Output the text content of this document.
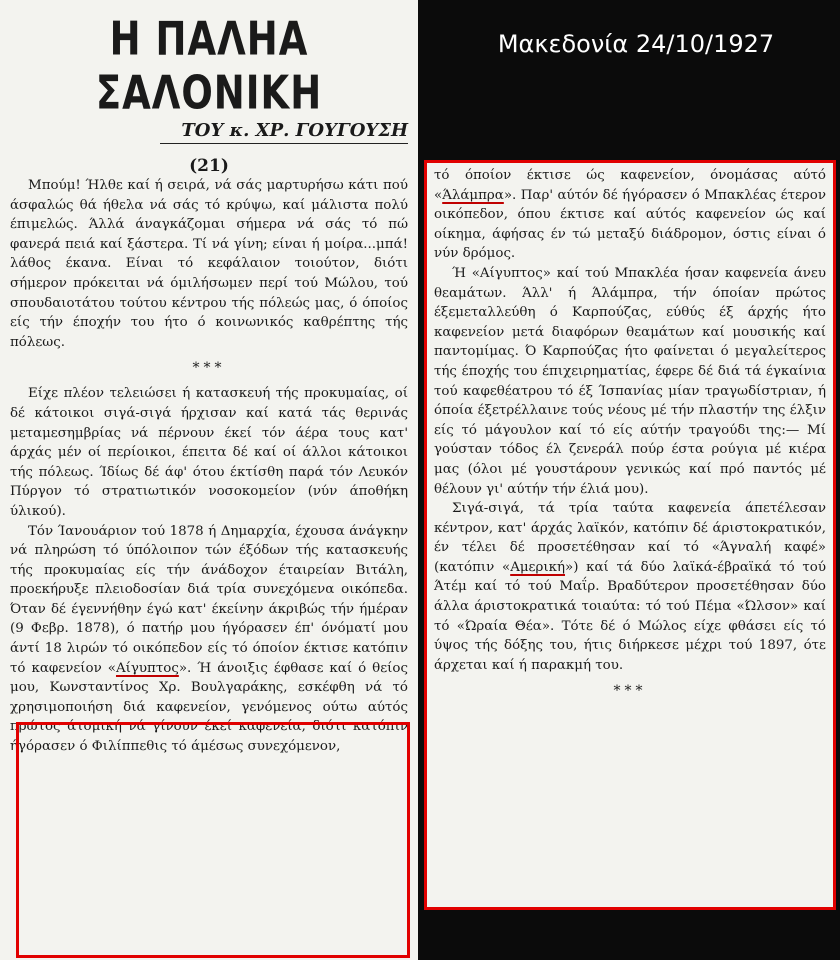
Η ΠΑΛΗΑ ΣΑΛΟΝΙΚΗ
ΤΟΥ κ. ΧΡ. ΓΟΥΓΟΥΣΗ
(21)

Μπούμ! Ήλθε καί ή σειρά, νά σάς μαρτυρήσω κάτι πού άσφαλώς θά ήθελα νά σάς τό κρύψω, καί μάλιστα πολύ έπιμελώς. Άλλά άναγκάζομαι σήμερα νά σάς τό πώ φανερά πειά καί ξάστερα. Τί νά γίνη; είναι ή μοίρα...μπά! λάθος έκανα. Είναι τό κεφάλαιον τοιούτον, διότι σήμερον πρόκειται νά όμιλήσωμεν περί τού Μώλου, τού σπουδαιοτάτου τούτου κέντρου τής πόλεώς μας, ό όποίος είς τήν έποχήν του ήτο ό κοινωνικός καθρέπτης τής πόλεως.

***

Είχε πλέον τελειώσει ή κατασκευή τής προκυμαίας, οί δέ κάτοικοι σιγά-σιγά ήρχισαν καί κατά τάς θερινάς μεταμεσημβρίας νά πέρνουν έκεί τόν άέρα τους κατ' άρχάς μέν οί περίοικοι, έπειτα δέ καί οί άλλοι κάτοικοι τής πόλεως. Ίδίως δέ άφ' ότου έκτίσθη παρά τόν Λευκόν Πύργον τό στρατιωτικόν νοσοκομείον (νύν άποθήκη ύλικού).

Τόν Ίανουάριον τού 1878 ή Δημαρχία, έχουσα άνάγκην νά πληρώση τό ύπόλοιπον τών έξόδων τής κατασκευής τής προκυμαίας είς τήν άνάδοχον έταιρείαν Βιτάλη, προεκήρυξε πλειοδοσίαν διά τρία συνεχόμενα οικόπεδα. Όταν δέ έγεννήθην έγώ κατ' έκείνην άκριβώς τήν ήμέραν (9 Φεβρ. 1878), ό πατήρ μου ήγόρασεν έπ' όνόματί μου άντί 18 λιρών τό οικόπεδον είς τό όποίον έκτισε κατόπιν τό καφενείον «Αίγυπτος». Ή άνοιξις έφθασε καί ό θείος μου, Κωνσταντίνος Χρ. Βουλγαράκης, εσκέφθη νά τό χρησιμοποιήση διά καφενείον, γενόμενος ούτω αύτός πρώτος άτομική νά γίνουν έκεί καφενεία, διότι κατόπιν ήγόρασεν ό Φιλίππεθις τό άμέσως συνεχόμενον,

τό όποίον έκτισε ώς καφενείον, όνομάσας αύτό «Άλάμπρα». Παρ' αύτόν δέ ήγόρασεν ό Μπακλέας έτερον οικόπεδον, όπου έκτισε καί αύτός καφενείον ώς καί οίκημα, άφήσας έν τώ μεταξύ διάδρομον, όστις είναι ό νύν δρόμος.

Ή «Αίγυπτος» καί τού Μπακλέα ήσαν καφενεία άνευ θεαμάτων. Άλλ' ή Άλάμπρα, τήν όποίαν πρώτος έξεμεταλλεύθη ό Καρπούζας, εύθύς έξ άρχής ήτο καφενείον μετά διαφόρων θεαμάτων καί μουσικής καί παντομίμας. Ό Καρπούζας ήτο φαίνεται ό μεγαλείτερος τής έποχής του έπιχειρηματίας, έφερε δέ διά τά έγκαίνια τού καφεθέατρου τό έξ Ίσπανίας μίαν τραγωδίστριαν, ή όποία έξετρέλλαινε τούς νέους μέ τήν πλαστήν της έλξιν είς τό μάγουλον καί τό είς αύτήν τραγούδι της:— Μί γούσταν τόδος έλ ζενεράλ πούρ έστα ρούγια μέ κιέρα μας (όλοι μέ γουστάρουν γενικώς καί πρό παντός μέ θέλουν γι' αύτήν τήν έλιά μου).

Σιγά-σιγά, τά τρία ταύτα καφενεία άπετέλεσαν κέντρον, κατ' άρχάς λαϊκόν, κατόπιν δέ άριστοκρατικόν, έν τέλει δέ προσετέθησαν καί τό «Άγναλή καφέ» (κατόπιν «Αμερική») καί τά δύο λαϊκά-έβραϊκά τό τού Άτέμ καί τό τού Μαΐρ. Βραδύτερον προσετέθησαν δύο άλλα άριστοκρατικά τοιαύτα: τό τού Πέμα «Ώλσον» καί τό «Ώραία Θέα». Τότε δέ ό Μώλος είχε φθάσει είς τό ύψος τής δόξης του, ήτις διήρκεσε μέχρι τού 1897, ότε άρχεται καί ή παρακμή του.

***
Μακεδονία 24/10/1927
